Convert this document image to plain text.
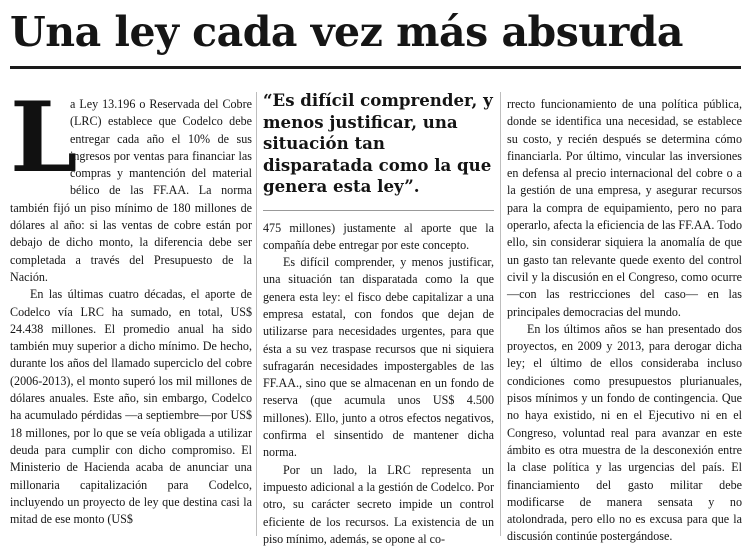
Una ley cada vez más absurda

L
a Ley 13.196 o Reservada del Cobre (LRC) establece que Codelco debe entregar cada año el 10% de sus ingresos por ventas para financiar las compras y mantención del material bélico de las FF.AA. La norma también fijó un piso mínimo de 180 millones de dólares al año: si las ventas de cobre están por debajo de dicho monto, la diferencia debe ser completada a través del Presupuesto de la Nación.

En las últimas cuatro décadas, el aporte de Codelco vía LRC ha sumado, en total, US$ 24.438 millones. El promedio anual ha sido también muy superior a dicho mínimo. De hecho, durante los años del llamado superciclo del cobre (2006-2013), el monto superó los mil millones de dólares anuales. Este año, sin embargo, Codelco ha acumulado pérdidas —a septiembre—por US$ 18 millones, por lo que se veía obligada a utilizar deuda para cumplir con dicho compromiso. El Ministerio de Hacienda acaba de anunciar una millonaria capitalización para Codelco, incluyendo un proyecto de ley que destina casi la mitad de ese monto (US$

“Es difícil comprender, y menos justificar, una situación tan disparatada como la que genera esta ley”.

475 millones) justamente al aporte que la compañía debe entregar por este concepto.

Es difícil comprender, y menos justificar, una situación tan disparatada como la que genera esta ley: el fisco debe capitalizar a una empresa estatal, con fondos que dejan de utilizarse para necesidades urgentes, para que ésta a su vez traspase recursos que ni siquiera sufragarán necesidades impostergables de las FF.AA., sino que se almacenan en un fondo de reserva (que acumula unos US$ 4.500 millones). Ello, junto a otros efectos negativos, confirma el sinsentido de mantener dicha norma.

Por un lado, la LRC representa un impuesto adicional a la gestión de Codelco. Por otro, su carácter secreto impide un control eficiente de los recursos. La existencia de un piso mínimo, además, se opone al co-

rrecto funcionamiento de una política pública, donde se identifica una necesidad, se establece su costo, y recién después se determina cómo financiarla. Por último, vincular las inversiones en defensa al precio internacional del cobre o a la gestión de una empresa, y asegurar recursos para la compra de equipamiento, pero no para operarlo, afecta la eficiencia de las FF.AA. Todo ello, sin considerar siquiera la anomalía de que un gasto tan relevante quede exento del control civil y la discusión en el Congreso, como ocurre —con las restricciones del caso— en las principales democracias del mundo.

En los últimos años se han presentado dos proyectos, en 2009 y 2013, para derogar dicha ley; el último de ellos consideraba incluso condiciones como presupuestos plurianuales, pisos mínimos y un fondo de contingencia. Que no haya existido, ni en el Ejecutivo ni en el Congreso, voluntad real para avanzar en este ámbito es otra muestra de la desconexión entre la clase política y las urgencias del país. El financiamiento del gasto militar debe modificarse de manera sensata y no atolondrada, pero ello no es excusa para que la discusión continúe postergándose.
